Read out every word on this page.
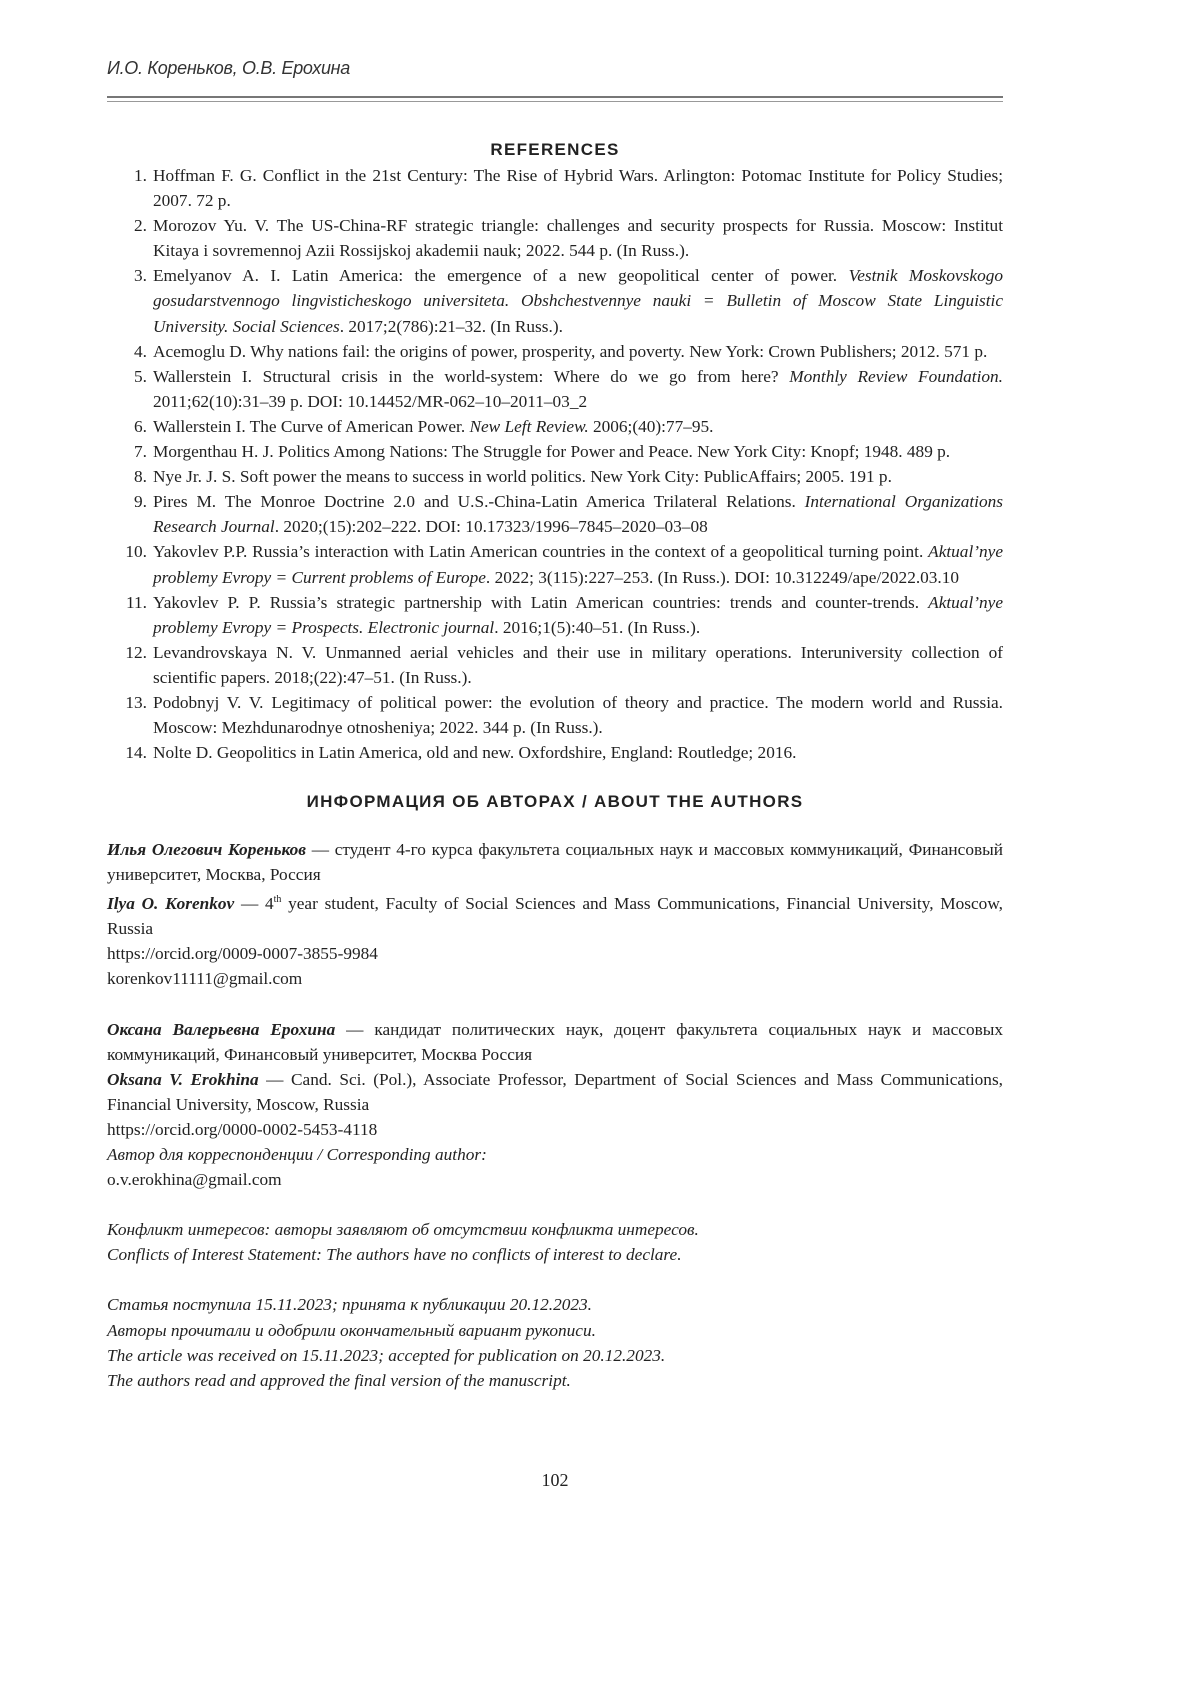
И.О. Кореньков, О.В. Ерохина
REFERENCES
1. Hoffman F. G. Conflict in the 21st Century: The Rise of Hybrid Wars. Arlington: Potomac Institute for Policy Studies; 2007. 72 p.
2. Morozov Yu. V. The US-China-RF strategic triangle: challenges and security prospects for Russia. Moscow: Institut Kitaya i sovremennoj Azii Rossijskoj akademii nauk; 2022. 544 p. (In Russ.).
3. Emelyanov A. I. Latin America: the emergence of a new geopolitical center of power. Vestnik Moskovskogo gosudarstvennogo lingvisticheskogo universiteta. Obshchestvennye nauki = Bulletin of Moscow State Linguistic University. Social Sciences. 2017;2(786):21–32. (In Russ.).
4. Acemoglu D. Why nations fail: the origins of power, prosperity, and poverty. New York: Crown Publishers; 2012. 571 p.
5. Wallerstein I. Structural crisis in the world-system: Where do we go from here? Monthly Review Foundation. 2011;62(10):31–39 p. DOI: 10.14452/MR-062–10–2011–03_2
6. Wallerstein I. The Curve of American Power. New Left Review. 2006;(40):77–95.
7. Morgenthau H. J. Politics Among Nations: The Struggle for Power and Peace. New York City: Knopf; 1948. 489 p.
8. Nye Jr. J. S. Soft power the means to success in world politics. New York City: PublicAffairs; 2005. 191 p.
9. Pires M. The Monroe Doctrine 2.0 and U.S.-China-Latin America Trilateral Relations. International Organizations Research Journal. 2020;(15):202–222. DOI: 10.17323/1996–7845–2020–03–08
10. Yakovlev P.P. Russia’s interaction with Latin American countries in the context of a geopolitical turning point. Aktual’nye problemy Evropy = Current problems of Europe. 2022; 3(115):227–253. (In Russ.). DOI: 10.312249/ape/2022.03.10
11. Yakovlev P. P. Russia’s strategic partnership with Latin American countries: trends and counter-trends. Aktual’nye problemy Evropy = Prospects. Electronic journal. 2016;1(5):40–51. (In Russ.).
12. Levandrovskaya N. V. Unmanned aerial vehicles and their use in military operations. Interuniversity collection of scientific papers. 2018;(22):47–51. (In Russ.).
13. Podobnyj V. V. Legitimacy of political power: the evolution of theory and practice. The modern world and Russia. Moscow: Mezhdunarodnye otnosheniya; 2022. 344 p. (In Russ.).
14. Nolte D. Geopolitics in Latin America, old and new. Oxfordshire, England: Routledge; 2016.
ИНФОРМАЦИЯ ОБ АВТОРАХ / ABOUT THE AUTHORS

Илья Олегович Кореньков — студент 4-го курса факультета социальных наук и массовых коммуникаций, Финансовый университет, Москва, Россия

Ilya O. Korenkov — 4th year student, Faculty of Social Sciences and Mass Communications, Financial University, Moscow, Russia

https://orcid.org/0009-0007-3855-9984

korenkov11111@gmail.com

Оксана Валерьевна Ерохина — кандидат политических наук, доцент факультета социальных наук и массовых коммуникаций, Финансовый университет, Москва Россия

Oksana V. Erokhina — Cand. Sci. (Pol.), Associate Professor, Department of Social Sciences and Mass Communications, Financial University, Moscow, Russia

https://orcid.org/0000-0002-5453-4118

Автор для корреспонденции / Corresponding author:

o.v.erokhina@gmail.com

Конфликт интересов: авторы заявляют об отсутствии конфликта интересов.

Conflicts of Interest Statement: The authors have no conflicts of interest to declare.

Статья поступила 15.11.2023; принята к публикации 20.12.2023.

Авторы прочитали и одобрили окончательный вариант рукописи.

The article was received on 15.11.2023; accepted for publication on 20.12.2023.

The authors read and approved the final version of the manuscript.

102
